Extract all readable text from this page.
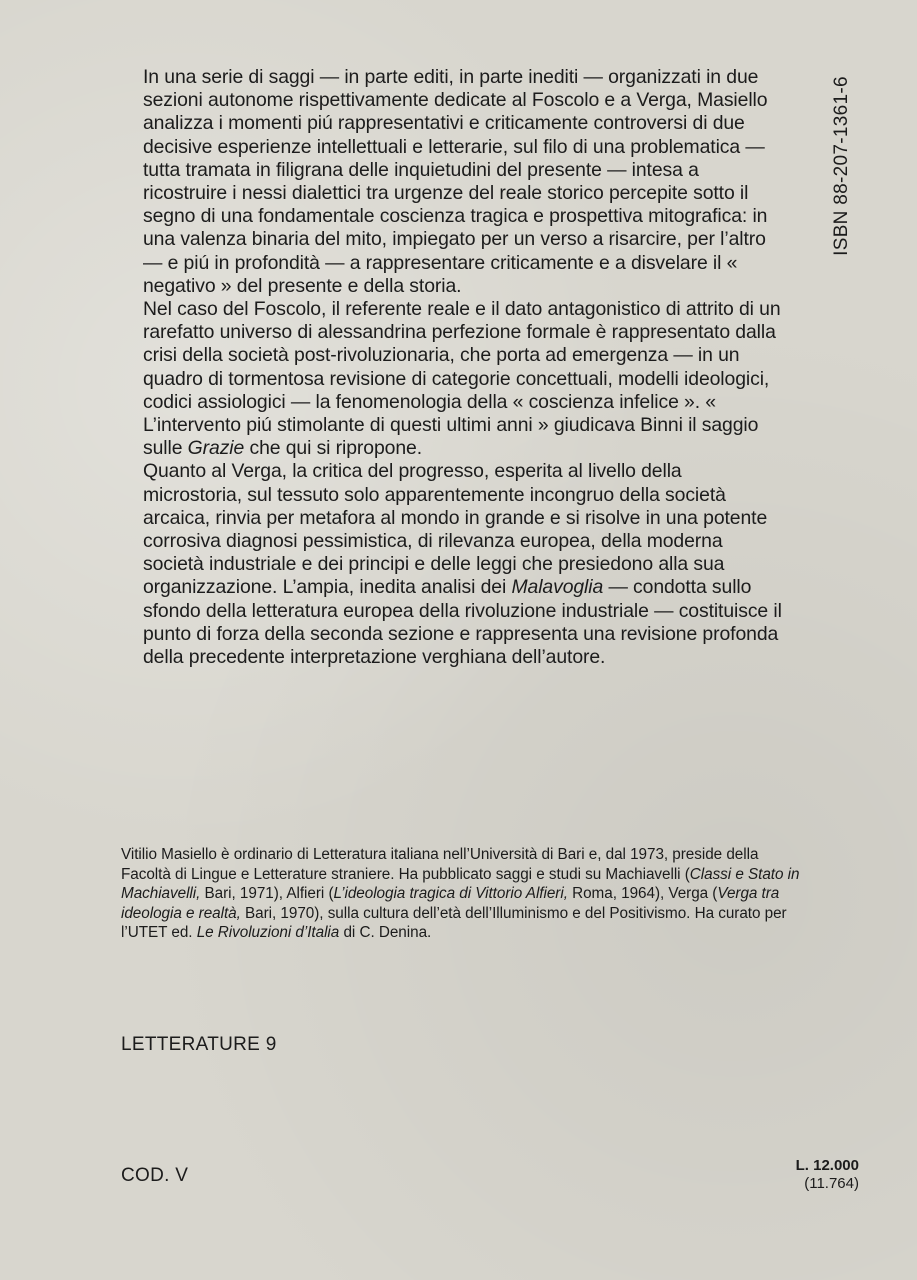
ISBN 88-207-1361-6

In una serie di saggi — in parte editi, in parte inediti — organizzati in due sezioni autonome rispettivamente dedicate al Foscolo e a Verga, Masiello analizza i momenti piú rappresentativi e criticamente controversi di due decisive esperienze intellettuali e letterarie, sul filo di una problematica — tutta tramata in filigrana delle inquietudini del presente — intesa a ricostruire i nessi dialettici tra urgenze del reale storico percepite sotto il segno di una fondamentale coscienza tragica e prospettiva mitografica: in una valenza binaria del mito, impiegato per un verso a risarcire, per l’altro — e piú in profondità — a rappresentare criticamente e a disvelare il « negativo » del presente e della storia.

Nel caso del Foscolo, il referente reale e il dato antagonistico di attrito di un rarefatto universo di alessandrina perfezione formale è rappresentato dalla crisi della società post-rivoluzionaria, che porta ad emergenza — in un quadro di tormentosa revisione di categorie concettuali, modelli ideologici, codici assiologici — la fenomenologia della « coscienza infelice ». « L’intervento piú stimolante di questi ultimi anni » giudicava Binni il saggio sulle Grazie che qui si ripropone.

Quanto al Verga, la critica del progresso, esperita al livello della microstoria, sul tessuto solo apparentemente incongruo della società arcaica, rinvia per metafora al mondo in grande e si risolve in una potente corrosiva diagnosi pessimistica, di rilevanza europea, della moderna società industriale e dei principi e delle leggi che presiedono alla sua organizzazione. L’ampia, inedita analisi dei Malavoglia — condotta sullo sfondo della letteratura europea della rivoluzione industriale — costituisce il punto di forza della seconda sezione e rappresenta una revisione profonda della precedente interpretazione verghiana dell’autore.

Vitilio Masiello è ordinario di Letteratura italiana nell’Università di Bari e, dal 1973, preside della Facoltà di Lingue e Letterature straniere. Ha pubblicato saggi e studi su Machiavelli (Classi e Stato in Machiavelli, Bari, 1971), Alfieri (L’ideologia tragica di Vittorio Alfieri, Roma, 1964), Verga (Verga tra ideologia e realtà, Bari, 1970), sulla cultura dell’età dell’Illuminismo e del Positivismo. Ha curato per l’UTET ed. Le Rivoluzioni d’Italia di C. Denina.

LETTERATURE 9
COD. V	L. 12.000
(11.764)
